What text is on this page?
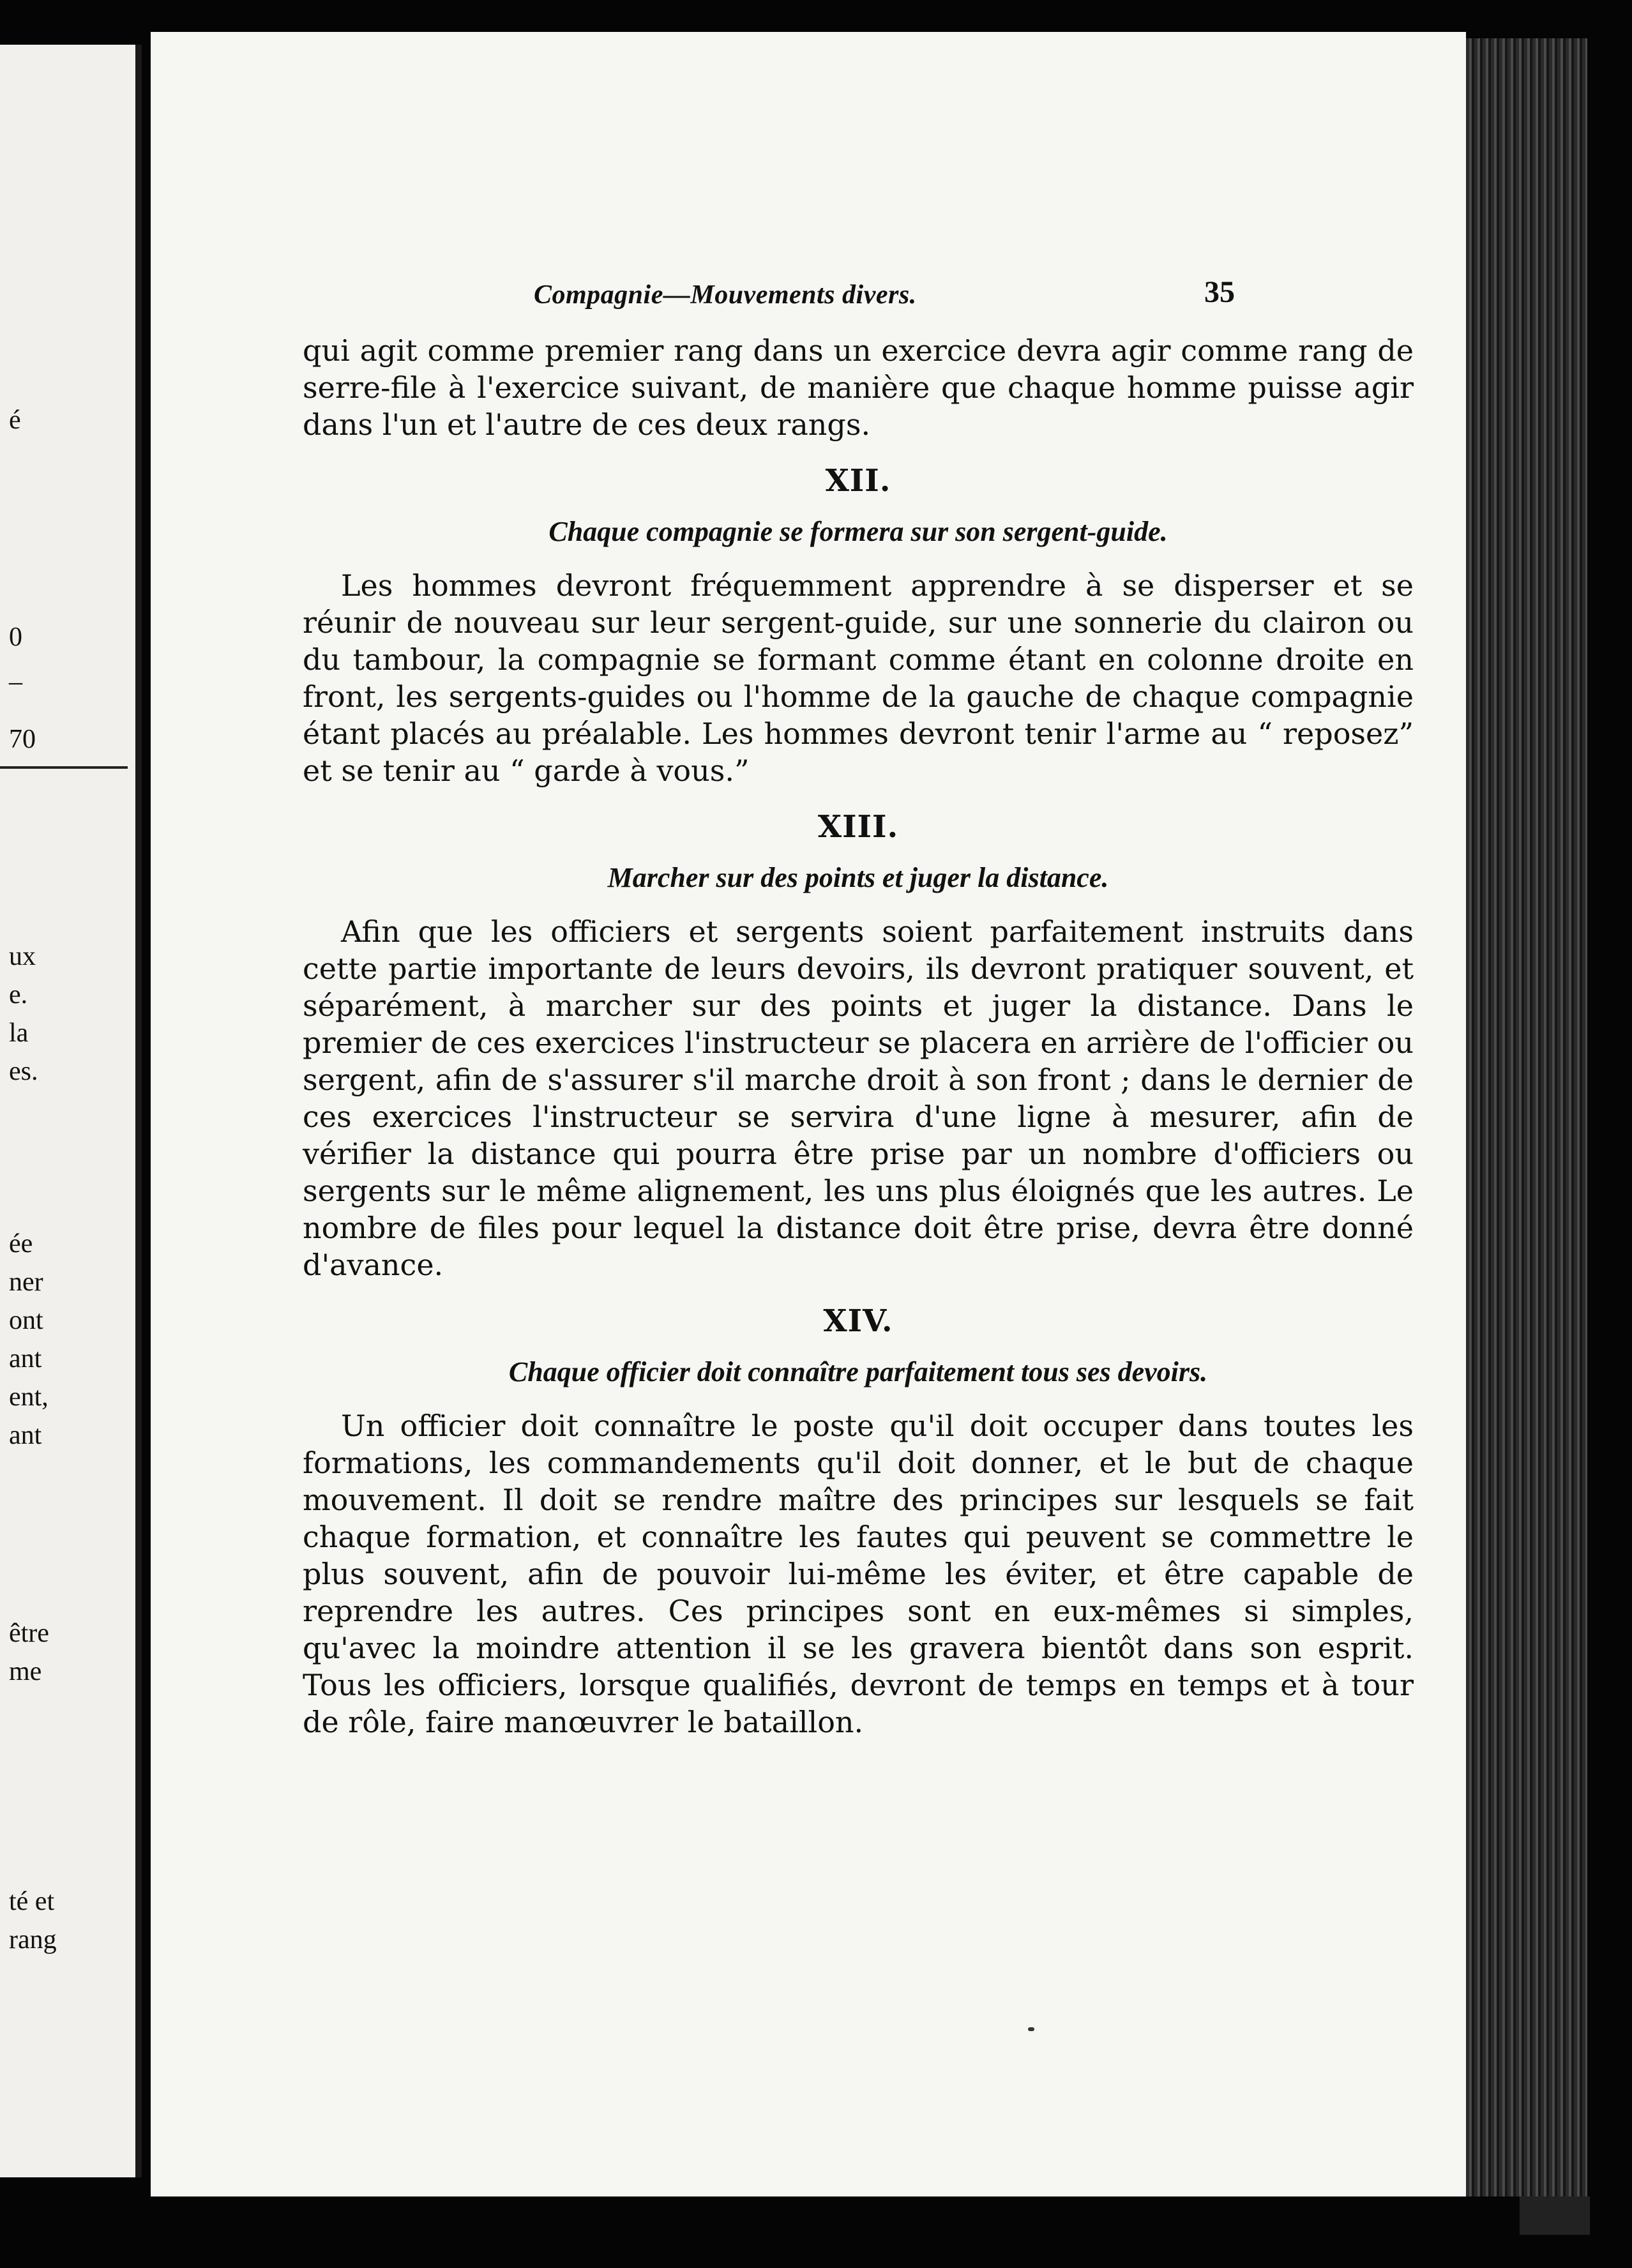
é
0
–
70
ux
e.
la
es.
ée
ner
ont
ant
ent,
ant
être
me
té et
rang
Compagnie—Mouvements divers.	35

qui agit comme premier rang dans un exercice devra agir comme rang de serre-file à l'exercice suivant, de manière que chaque homme puisse agir dans l'un et l'autre de ces deux rangs.

XII.
Chaque compagnie se formera sur son sergent-guide.

Les hommes devront fréquemment apprendre à se disperser et se réunir de nouveau sur leur sergent-guide, sur une sonnerie du clairon ou du tambour, la compagnie se formant comme étant en colonne droite en front, les sergents-guides ou l'homme de la gauche de chaque compagnie étant placés au préalable. Les hommes devront tenir l'arme au “ reposez” et se tenir au “ garde à vous.”

XIII.
Marcher sur des points et juger la distance.

Afin que les officiers et sergents soient parfaitement instruits dans cette partie importante de leurs devoirs, ils devront pratiquer souvent, et séparément, à marcher sur des points et juger la distance. Dans le premier de ces exercices l'instructeur se placera en arrière de l'officier ou sergent, afin de s'assurer s'il marche droit à son front ; dans le dernier de ces exercices l'instructeur se servira d'une ligne à mesurer, afin de vérifier la distance qui pourra être prise par un nombre d'officiers ou sergents sur le même alignement, les uns plus éloignés que les autres. Le nombre de files pour lequel la distance doit être prise, devra être donné d'avance.

XIV.
Chaque officier doit connaître parfaitement tous ses devoirs.

Un officier doit connaître le poste qu'il doit occuper dans toutes les formations, les commandements qu'il doit donner, et le but de chaque mouvement. Il doit se rendre maître des principes sur lesquels se fait chaque formation, et connaître les fautes qui peuvent se commettre le plus souvent, afin de pouvoir lui-même les éviter, et être capable de reprendre les autres. Ces principes sont en eux-mêmes si simples, qu'avec la moindre attention il se les gravera bientôt dans son esprit. Tous les officiers, lorsque qualifiés, devront de temps en temps et à tour de rôle, faire manœuvrer le bataillon.
